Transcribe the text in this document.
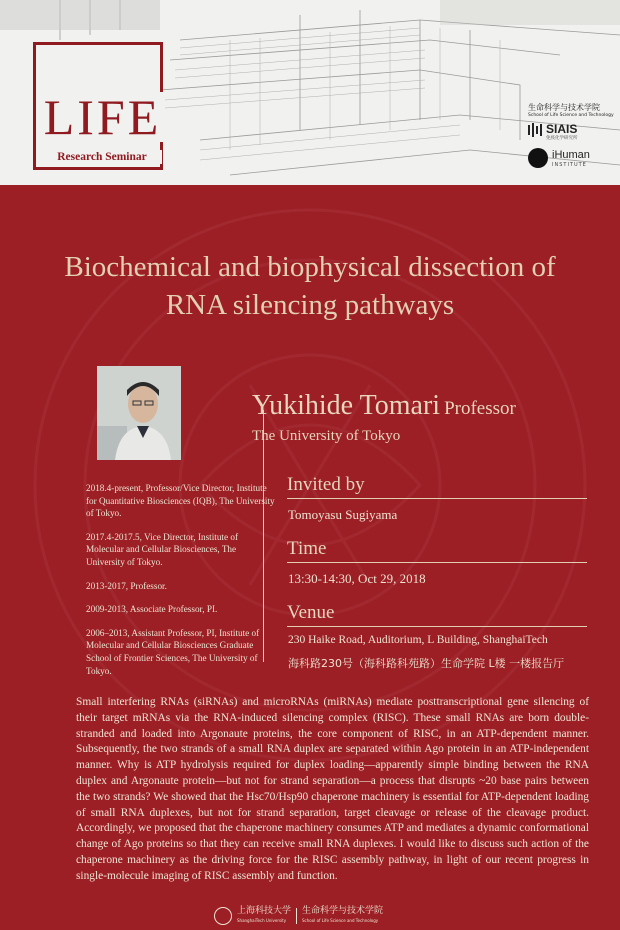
LIFE
Research Seminar
生命科学与技术学院
School of Life Science and Technology
SIAIS
免疫化学研究所
iHuman
INSTITUTE
Biochemical and biophysical dissection of
RNA silencing pathways
Yukihide Tomari Professor
The University of Tokyo

2018.4-present, Professor/Vice Director, Institute for Quantitative Biosciences (IQB), The University of Tokyo.

2017.4-2017.5, Vice Director, Institute of Molecular and Cellular Biosciences, The University of Tokyo.

2013-2017, Professor.

2009-2013, Associate Professor, PI.

2006–2013, Assistant Professor, PI, Institute of Molecular and Cellular Biosciences Graduate School of Frontier Sciences, The University of Tokyo.

Invited by
Tomoyasu Sugiyama
Time
13:30-14:30, Oct 29, 2018
Venue
230 Haike Road, Auditorium, L Building, ShanghaiTech
海科路230号（海科路科苑路）生命学院 L楼 一楼报告厅
Small interfering RNAs (siRNAs) and microRNAs (miRNAs) mediate posttranscriptional gene silencing of their target mRNAs via the RNA-induced silencing complex (RISC). These small RNAs are born double-stranded and loaded into Argonaute proteins, the core component of RISC, in an ATP-dependent manner. Subsequently, the two strands of a small RNA duplex are separated within Ago protein in an ATP-independent manner. Why is ATP hydrolysis required for duplex loading—apparently simple binding between the RNA duplex and Argonaute protein—but not for strand separation—a process that disrupts ~20 base pairs between the two strands? We showed that the Hsc70/Hsp90 chaperone machinery is essential for ATP-dependent loading of small RNA duplexes, but not for strand separation, target cleavage or release of the cleavage product. Accordingly, we proposed that the chaperone machinery consumes ATP and mediates a dynamic conformational change of Ago proteins so that they can receive small RNA duplexes. I would like to discuss such action of the chaperone machinery as the driving force for the RISC assembly pathway, in light of our recent progress in single-molecule imaging of RISC assembly and function.
上海科技大学
ShanghaiTech University
生命科学与技术学院
School of Life Science and Technology
